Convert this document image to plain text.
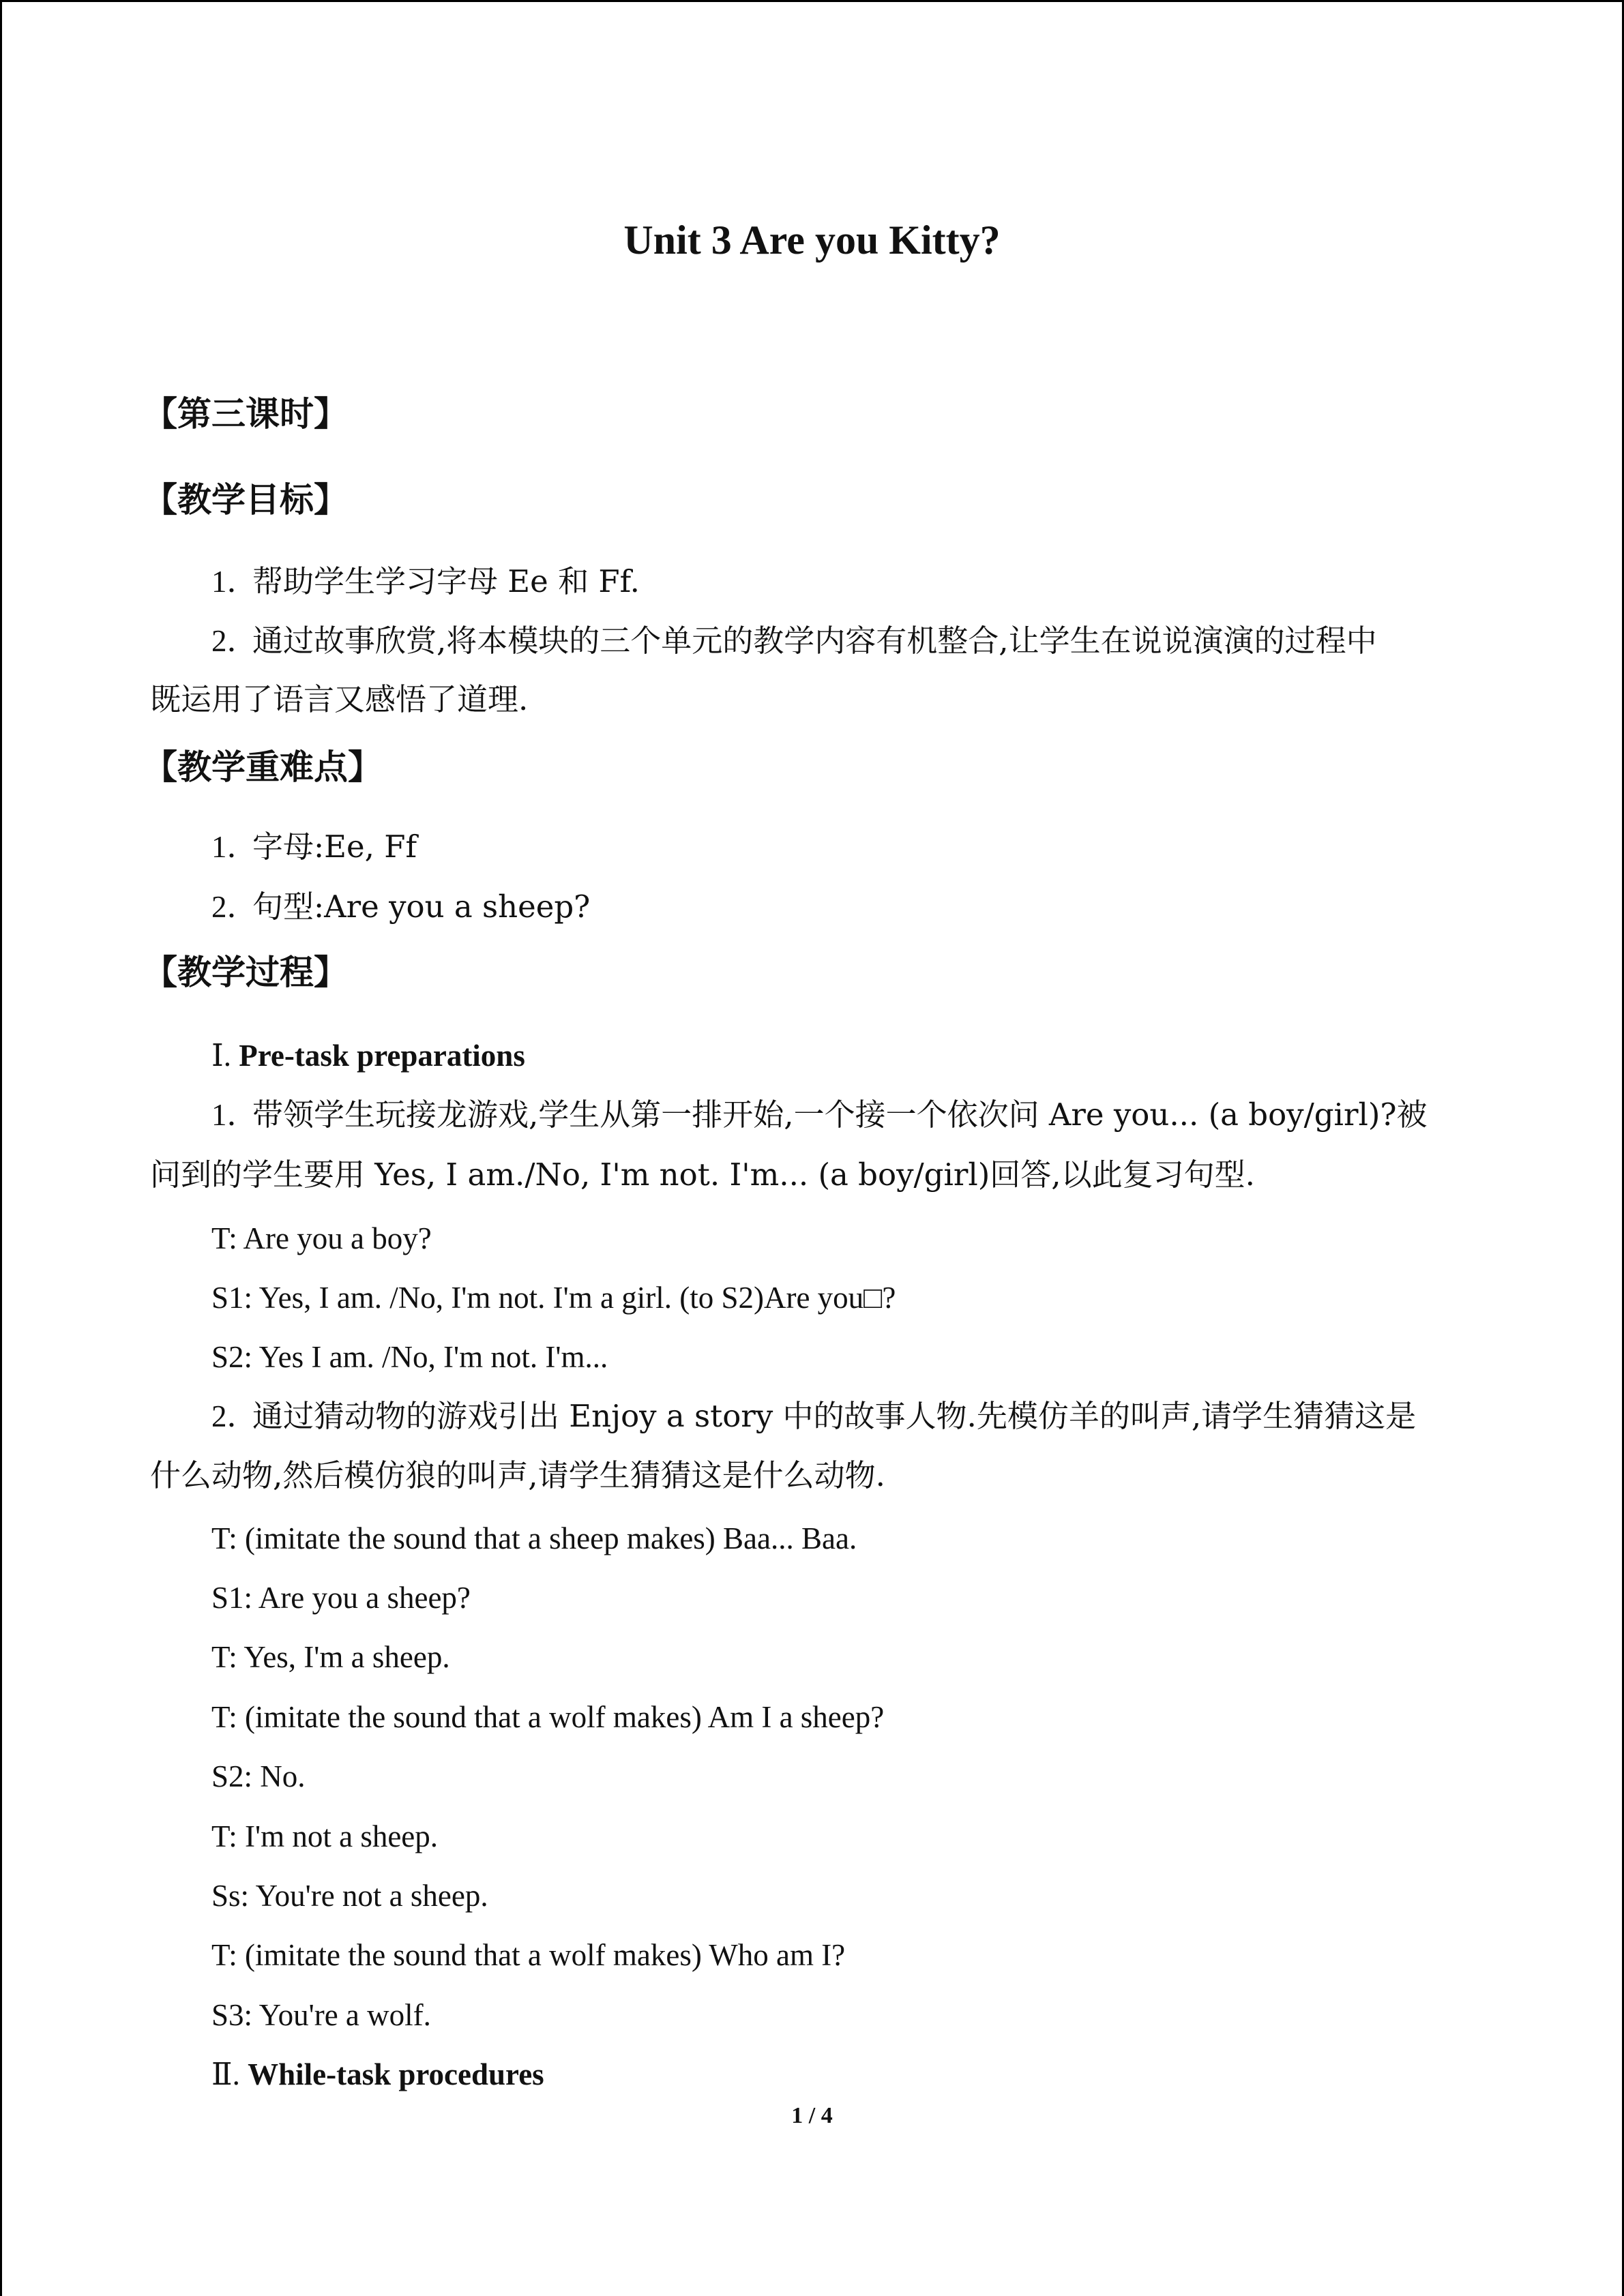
Unit 3 Are you Kitty?
【第三课时】
【教学目标】
1．帮助学生学习字母 Ee 和 Ff.
2．通过故事欣赏,将本模块的三个单元的教学内容有机整合,让学生在说说演演的过程中
既运用了语言又感悟了道理.
【教学重难点】
1．字母:Ee, Ff
2．句型:Are you a sheep?
【教学过程】
Ⅰ. Pre-task preparations
1．带领学生玩接龙游戏,学生从第一排开始,一个接一个依次问 Are you... (a boy/girl)?被
问到的学生要用 Yes, I am./No, I'm not. I'm... (a boy/girl)回答,以此复习句型.
T: Are you a boy?
S1: Yes, I am. /No, I'm not. I'm a girl. (to S2)Are you□?
S2: Yes I am. /No, I'm not. I'm...
2．通过猜动物的游戏引出 Enjoy a story 中的故事人物.先模仿羊的叫声,请学生猜猜这是
什么动物,然后模仿狼的叫声,请学生猜猜这是什么动物.
T: (imitate the sound that a sheep makes) Baa... Baa.
S1: Are you a sheep?
T: Yes, I'm a sheep.
T: (imitate the sound that a wolf makes) Am I a sheep?
S2: No.
T: I'm not a sheep.
Ss: You're not a sheep.
T: (imitate the sound that a wolf makes) Who am I?
S3: You're a wolf.
Ⅱ. While-task procedures
1 / 4
